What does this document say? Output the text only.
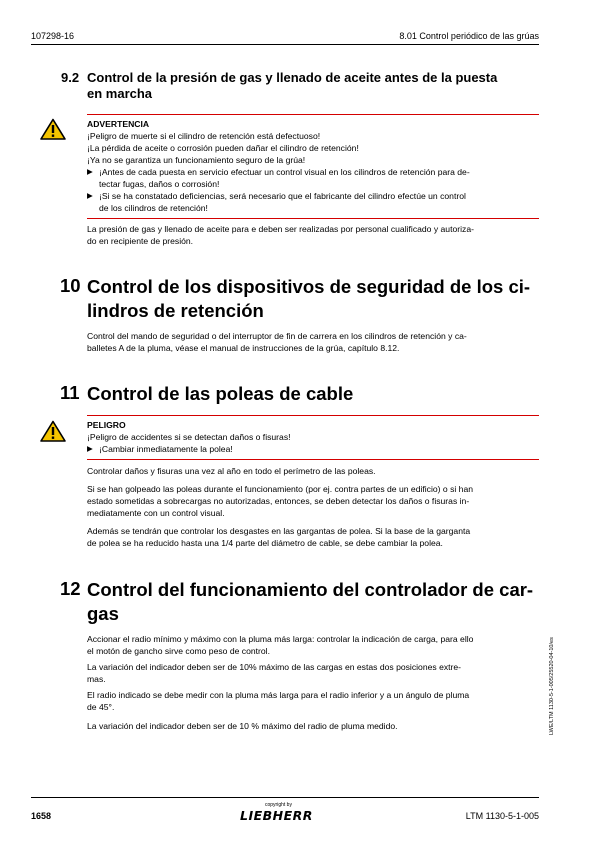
107298-16	8.01 Control periódico de las grúas
9.2 Control de la presión de gas y llenado de aceite antes de la puesta
en marcha
ADVERTENCIA
¡Peligro de muerte si el cilindro de retención está defectuoso!
¡La pérdida de aceite o corrosión pueden dañar el cilindro de retención!
¡Ya no se garantiza un funcionamiento seguro de la grúa!
▶ ¡Antes de cada puesta en servicio efectuar un control visual en los cilindros de retención para de-
tectar fugas, daños o corrosión!
▶ ¡Si se ha constatado deficiencias, será necesario que el fabricante del cilindro efectúe un control
de los cilindros de retención!
La presión de gas y llenado de aceite para e deben ser realizadas por personal cualificado y autoriza-
do en recipiente de presión.
10 Control de los dispositivos de seguridad de los ci-
lindros de retención
Control del mando de seguridad o del interruptor de fin de carrera en los cilindros de retención y ca-
balletes A de la pluma, véase el manual de instrucciones de la grúa, capítulo 8.12.
11 Control de las poleas de cable
PELIGRO
¡Peligro de accidentes si se detectan daños o fisuras!
▶ ¡Cambiar inmediatamente la polea!
Controlar daños y fisuras una vez al año en todo el perímetro de las poleas.
Si se han golpeado las poleas durante el funcionamiento (por ej. contra partes de un edificio) o si han
estado sometidas a sobrecargas no autorizadas, entonces, se deben detectar los daños o fisuras in-
mediatamente con un control visual.
Además se tendrán que controlar los desgastes en las gargantas de polea. Si la base de la garganta
de polea se ha reducido hasta una 1/4 parte del diámetro de cable, se debe cambiar la polea.
12 Control del funcionamiento del controlador de car-
gas
Accionar el radio mínimo y máximo con la pluma más larga: controlar la indicación de carga, para ello
el motón de gancho sirve como peso de control.
La variación del indicador deben ser de 10% máximo de las cargas en estas dos posiciones extre-
mas.
El radio indicado se debe medir con la pluma más larga para el radio inferior y a un ángulo de pluma
de 45°.
La variación del indicador deben ser de 10 % máximo del radio de pluma medido.	LWE/LTM 1130-5-1-005/25520-04-10/es
1658
copyright by
LIEBHERR	LTM 1130-5-1-005
